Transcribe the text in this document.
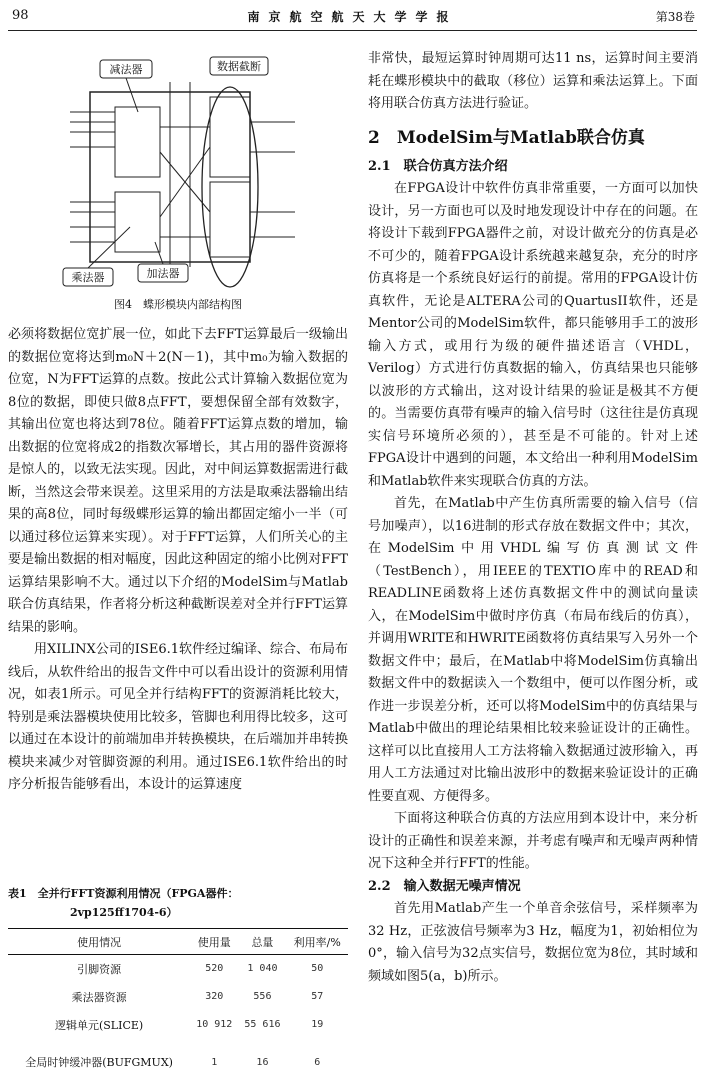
98	南京航空航天大学学报	第38卷
减法器	数据截断
乘法器	加法器
图4　蝶形模块内部结构图

必须将数据位宽扩展一位，如此下去FFT运算最后一级输出的数据位宽将达到m₀N＋2(N－1)，其中m₀为输入数据的位宽，N为FFT运算的点数。按此公式计算输入数据位宽为8位的数据，即使只做8点FFT，要想保留全部有效数字，其输出位宽也将达到78位。随着FFT运算点数的增加，输出数据的位宽将成2的指数次幂增长，其占用的器件资源将是惊人的，以致无法实现。因此，对中间运算数据需进行截断，当然这会带来误差。这里采用的方法是取乘法器输出结果的高8位，同时每级蝶形运算的输出都固定缩小一半（可以通过移位运算来实现）。对于FFT运算，人们所关心的主要是输出数据的相对幅度，因此这种固定的缩小比例对FFT运算结果影响不大。通过以下介绍的ModelSim与Matlab联合仿真结果，作者将分析这种截断误差对全并行FFT运算结果的影响。

用XILINX公司的ISE6.1软件经过编译、综合、布局布线后，从软件给出的报告文件中可以看出设计的资源利用情况，如表1所示。可见全并行结构FFT的资源消耗比较大，特别是乘法器模块使用比较多，管脚也利用得比较多，这可以通过在本设计的前端加串并转换模块，在后端加并串转换模块来减少对管脚资源的利用。通过ISE6.1软件给出的时序分析报告能够看出，本设计的运算速度

表1　全并行FFT资源利用情况（FPGA器件：
2vp125ff1704-6）
使用情况	使用量	总量	利用率/%
引脚资源	520	1 040	50
乘法器资源	320	556	57
逻辑单元(SLICE)	10 912	55 616	19
全局时钟缓冲器(BUFGMUX)	1	16	6

非常快，最短运算时钟周期可达11 ns，运算时间主要消耗在蝶形模块中的截取（移位）运算和乘法运算上。下面将用联合仿真方法进行验证。

2　ModelSim与Matlab联合仿真

2.1　联合仿真方法介绍

在FPGA设计中软件仿真非常重要，一方面可以加快设计，另一方面也可以及时地发现设计中存在的问题。在将设计下载到FPGA器件之前，对设计做充分的仿真是必不可少的，随着FPGA设计系统越来越复杂，充分的时序仿真将是一个系统良好运行的前提。常用的FPGA设计仿真软件，无论是ALTERA公司的QuartusII软件，还是Mentor公司的ModelSim软件，都只能够用手工的波形输入方式，或用行为级的硬件描述语言（VHDL，Verilog）方式进行仿真数据的输入，仿真结果也只能够以波形的方式输出，这对设计结果的验证是极其不方便的。当需要仿真带有噪声的输入信号时（这往往是仿真现实信号环境所必须的），甚至是不可能的。针对上述FPGA设计中遇到的问题，本文给出一种利用ModelSim和Matlab软件来实现联合仿真的方法。

首先，在Matlab中产生仿真所需要的输入信号（信号加噪声），以16进制的形式存放在数据文件中；其次，在ModelSim中用VHDL编写仿真测试文件（TestBench），用IEEE的TEXTIO库中的READ和READLINE函数将上述仿真数据文件中的测试向量读入，在ModelSim中做时序仿真（布局布线后的仿真），并调用WRITE和HWRITE函数将仿真结果写入另外一个数据文件中；最后，在Matlab中将ModelSim仿真输出数据文件中的数据读入一个数组中，便可以作图分析，或作进一步误差分析，还可以将ModelSim中的仿真结果与Matlab中做出的理论结果相比较来验证设计的正确性。这样可以比直接用人工方法将输入数据通过波形输入，再用人工方法通过对比输出波形中的数据来验证设计的正确性要直观、方便得多。

下面将这种联合仿真的方法应用到本设计中，来分析设计的正确性和误差来源，并考虑有噪声和无噪声两种情况下这种全并行FFT的性能。

2.2　输入数据无噪声情况

首先用Matlab产生一个单音余弦信号，采样频率为32 Hz，正弦波信号频率为3 Hz，幅度为1，初始相位为0°，输入信号为32点实信号，数据位宽为8位，其时域和频域如图5(a，b)所示。
